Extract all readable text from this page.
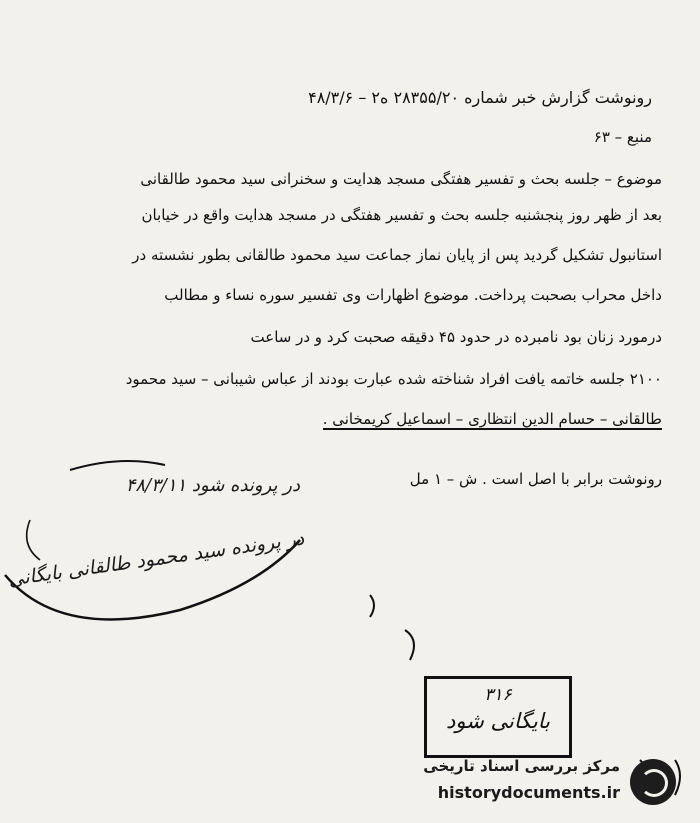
رونوشت گزارش خبر شماره ۲۸۳۵۵/۲۰ ه۲ – ۴۸/۳/۶
منبع – ۶۳
موضوع – جلسه بحث و تفسیر هفتگی مسجد هدایت و سخنرانی سید محمود طالقانی
بعد از ظهر روز پنجشنبه جلسه بحث و تفسیر هفتگی در مسجد هدایت واقع در خیابان
استانبول تشکیل گردید پس از پایان نماز جماعت سید محمود طالقانی بطور نشسته در
داخل محراب بصحبت پرداخت. موضوع اظهارات وی تفسیر سوره نساء و مطالب
درمورد زنان بود نامبرده در حدود ۴۵ دقیقه صحبت کرد و در ساعت
۲۱۰۰ جلسه خاتمه یافت افراد شناخته شده عبارت بودند از عباس شیبانی – سید محمود
طالقانی – حسام الدین انتظاری – اسماعیل کریمخانی .
رونوشت برابر با اصل است . ش – ۱ مل
در پرونده شود ۴۸/۳/۱۱
در پرونده سید محمود طالقانی بایگانی
۳۱۶
بایگانی شود
مرکز بررسی اسناد تاریخی
historydocuments.ir
